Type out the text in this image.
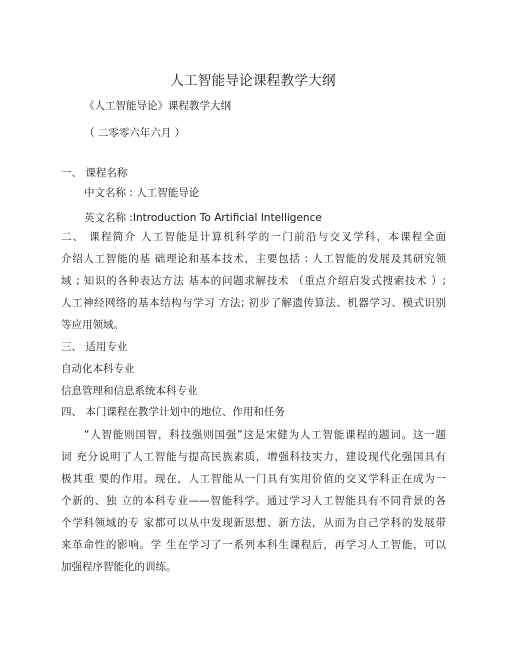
人工智能导论课程教学大纲
《人工智能导论》课程教学大纲
（ 二零零六年六月 ）
一、 课程名称
中文名称 : 人工智能导论
英文名称 :Introduction To Artificial Intelligence
二、 课程简介 人工智能是计算机科学的一门前沿与交叉学科，本课程全面
介绍人工智能的基 础理论和基本技术，主要包括 : 人工智能的发展及其研究领
域 ; 知识的各种表达方法 基本的问题求解技术 （重点介绍启发式搜索技术 ）;
人工神经网络的基本结构与学习 方法; 初步了解遗传算法、机器学习、模式识别
等应用领域。
三、 适用专业
自动化本科专业
信息管理和信息系统本科专业
四、 本门课程在教学计划中的地位、作用和任务
“人智能则国智，科技强则国强”这是宋健为人工智能课程的题词。这一题
词 充分说明了人工智能与提高民族素质，增强科技实力，建设现代化强国具有
极其重 要的作用。现在，人工智能从一门具有实用价值的交叉学科正在成为一
个新的、独 立的本科专业——智能科学。通过学习人工智能具有不同背景的各
个学科领域的专 家都可以从中发现新思想、新方法，从而为自己学科的发展带
来革命性的影响。学 生在学习了一系列本科生课程后，再学习人工智能，可以
加强程序智能化的训练。
